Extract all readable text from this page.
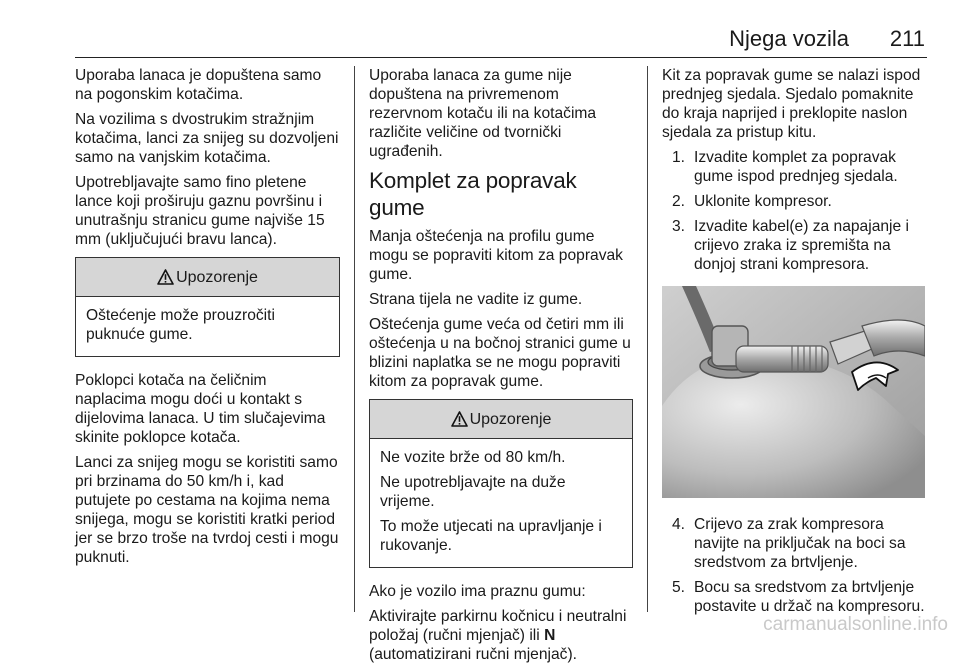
Njega vozila 211

Uporaba lanaca je dopuštena samo na pogonskim kotačima.

Na vozilima s dvostrukim stražnjim kotačima, lanci za snijeg su dozvoljeni samo na vanjskim kotačima.

Upotrebljavajte samo fino pletene lance koji proširuju gaznu površinu i unutrašnju stranicu gume najviše 15 mm (uključujući bravu lanca).

Upozorenje

Oštećenje može prouzročiti puknuće gume.

Poklopci kotača na čeličnim naplacima mogu doći u kontakt s dijelovima lanaca. U tim slučajevima skinite poklopce kotača.

Lanci za snijeg mogu se koristiti samo pri brzinama do 50 km/h i, kad putujete po cestama na kojima nema snijega, mogu se koristiti kratki period jer se brzo troše na tvrdoj cesti i mogu puknuti.

Uporaba lanaca za gume nije dopuštena na privremenom rezervnom kotaču ili na kotačima različite veličine od tvornički ugrađenih.

Komplet za popravak gume

Manja oštećenja na profilu gume mogu se popraviti kitom za popravak gume.

Strana tijela ne vadite iz gume.

Oštećenja gume veća od četiri mm ili oštećenja u na bočnoj stranici gume u blizini naplatka se ne mogu popraviti kitom za popravak gume.

Upozorenje

Ne vozite brže od 80 km/h.

Ne upotrebljavajte na duže vrijeme.

To može utjecati na upravljanje i rukovanje.

Ako je vozilo ima praznu gumu:

Aktivirajte parkirnu kočnicu i neutralni položaj (ručni mjenjač) ili N (automatizirani ručni mjenjač).

Kit za popravak gume se nalazi ispod prednjeg sjedala. Sjedalo pomaknite do kraja naprijed i preklopite naslon sjedala za pristup kitu.

1. Izvadite komplet za popravak gume ispod prednjeg sjedala.
2. Uklonite kompresor.
3. Izvadite kabel(e) za napajanje i crijevo zraka iz spremišta na donjoj strani kompresora.
4. Crijevo za zrak kompresora navijte na priključak na boci sa sredstvom za brtvljenje.
5. Bocu sa sredstvom za brtvljenje postavite u držač na kompresoru.
carmanualsonline.info
